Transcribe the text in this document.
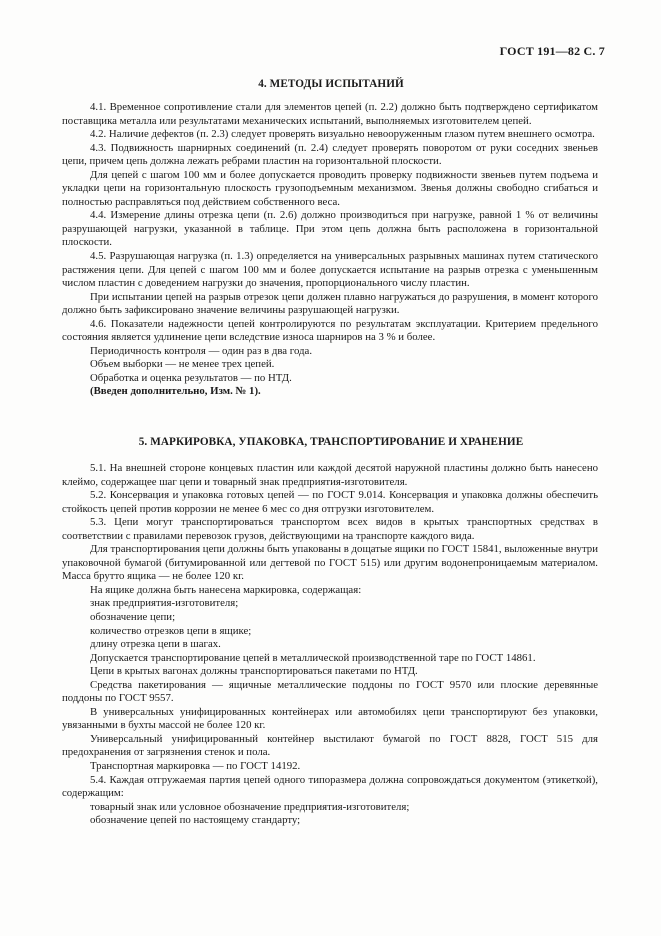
ГОСТ 191—82 С. 7
4. МЕТОДЫ ИСПЫТАНИЙ

4.1. Временное сопротивление стали для элементов цепей (п. 2.2) должно быть подтверждено сертификатом поставщика металла или результатами механических испытаний, выполняемых изготовителем цепей.

4.2. Наличие дефектов (п. 2.3) следует проверять визуально невооруженным глазом путем внешнего осмотра.

4.3. Подвижность шарнирных соединений (п. 2.4) следует проверять поворотом от руки соседних звеньев цепи, причем цепь должна лежать ребрами пластин на горизонтальной плоскости.

Для цепей с шагом 100 мм и более допускается проводить проверку подвижности звеньев путем подъема и укладки цепи на горизонтальную плоскость грузоподъемным механизмом. Звенья должны свободно сгибаться и полностью расправляться под действием собственного веса.

4.4. Измерение длины отрезка цепи (п. 2.6) должно производиться при нагрузке, равной 1 % от величины разрушающей нагрузки, указанной в таблице. При этом цепь должна быть расположена в горизонтальной плоскости.

4.5. Разрушающая нагрузка (п. 1.3) определяется на универсальных разрывных машинах путем статического растяжения цепи. Для цепей с шагом 100 мм и более допускается испытание на разрыв отрезка с уменьшенным числом пластин с доведением нагрузки до значения, пропорционального числу пластин.

При испытании цепей на разрыв отрезок цепи должен плавно нагружаться до разрушения, в момент которого должно быть зафиксировано значение величины разрушающей нагрузки.

4.6. Показатели надежности цепей контролируются по результатам эксплуатации. Критерием предельного состояния является удлинение цепи вследствие износа шарниров на 3 % и более.

Периодичность контроля — один раз в два года.

Объем выборки — не менее трех цепей.

Обработка и оценка результатов — по НТД.

(Введен дополнительно, Изм. № 1).

5. МАРКИРОВКА, УПАКОВКА, ТРАНСПОРТИРОВАНИЕ И ХРАНЕНИЕ

5.1. На внешней стороне концевых пластин или каждой десятой наружной пластины должно быть нанесено клеймо, содержащее шаг цепи и товарный знак предприятия-изготовителя.

5.2. Консервация и упаковка готовых цепей — по ГОСТ 9.014. Консервация и упаковка должны обеспечить стойкость цепей против коррозии не менее 6 мес со дня отгрузки изготовителем.

5.3. Цепи могут транспортироваться транспортом всех видов в крытых транспортных средствах в соответствии с правилами перевозок грузов, действующими на транспорте каждого вида.

Для транспортирования цепи должны быть упакованы в дощатые ящики по ГОСТ 15841, выложенные внутри упаковочной бумагой (битумированной или дегтевой по ГОСТ 515) или другим водонепроницаемым материалом. Масса брутто ящика — не более 120 кг.

На ящике должна быть нанесена маркировка, содержащая:

знак предприятия-изготовителя;

обозначение цепи;

количество отрезков цепи в ящике;

длину отрезка цепи в шагах.

Допускается транспортирование цепей в металлической производственной таре по ГОСТ 14861.

Цепи в крытых вагонах должны транспортироваться пакетами по НТД.

Средства пакетирования — ящичные металлические поддоны по ГОСТ 9570 или плоские деревянные поддоны по ГОСТ 9557.

В универсальных унифицированных контейнерах или автомобилях цепи транспортируют без упаковки, увязанными в бухты массой не более 120 кг.

Универсальный унифицированный контейнер выстилают бумагой по ГОСТ 8828, ГОСТ 515 для предохранения от загрязнения стенок и пола.

Транспортная маркировка — по ГОСТ 14192.

5.4. Каждая отгружаемая партия цепей одного типоразмера должна сопровождаться документом (этикеткой), содержащим:

товарный знак или условное обозначение предприятия-изготовителя;

обозначение цепей по настоящему стандарту;
